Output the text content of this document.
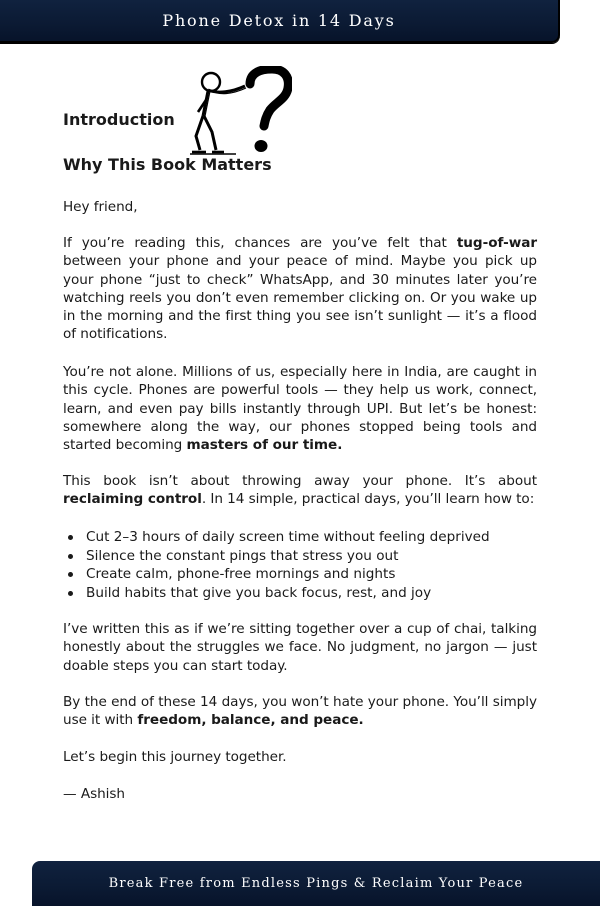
Phone Detox in 14 Days
Introduction
Why This Book Matters

Hey friend,

If you’re reading this, chances are you’ve felt that tug-of-war between your phone and your peace of mind. Maybe you pick up your phone “just to check” WhatsApp, and 30 minutes later you’re watching reels you don’t even remember clicking on. Or you wake up in the morning and the first thing you see isn’t sunlight — it’s a flood of notifications.

You’re not alone. Millions of us, especially here in India, are caught in this cycle. Phones are powerful tools — they help us work, connect, learn, and even pay bills instantly through UPI. But let’s be honest: somewhere along the way, our phones stopped being tools and started becoming masters of our time.

This book isn’t about throwing away your phone. It’s about reclaiming control. In 14 simple, practical days, you’ll learn how to:

Cut 2–3 hours of daily screen time without feeling deprived
Silence the constant pings that stress you out
Create calm, phone-free mornings and nights
Build habits that give you back focus, rest, and joy

I’ve written this as if we’re sitting together over a cup of chai, talking honestly about the struggles we face. No judgment, no jargon — just doable steps you can start today.

By the end of these 14 days, you won’t hate your phone. You’ll simply use it with freedom, balance, and peace.

Let’s begin this journey together.

— Ashish

Break Free from Endless Pings & Reclaim Your Peace
